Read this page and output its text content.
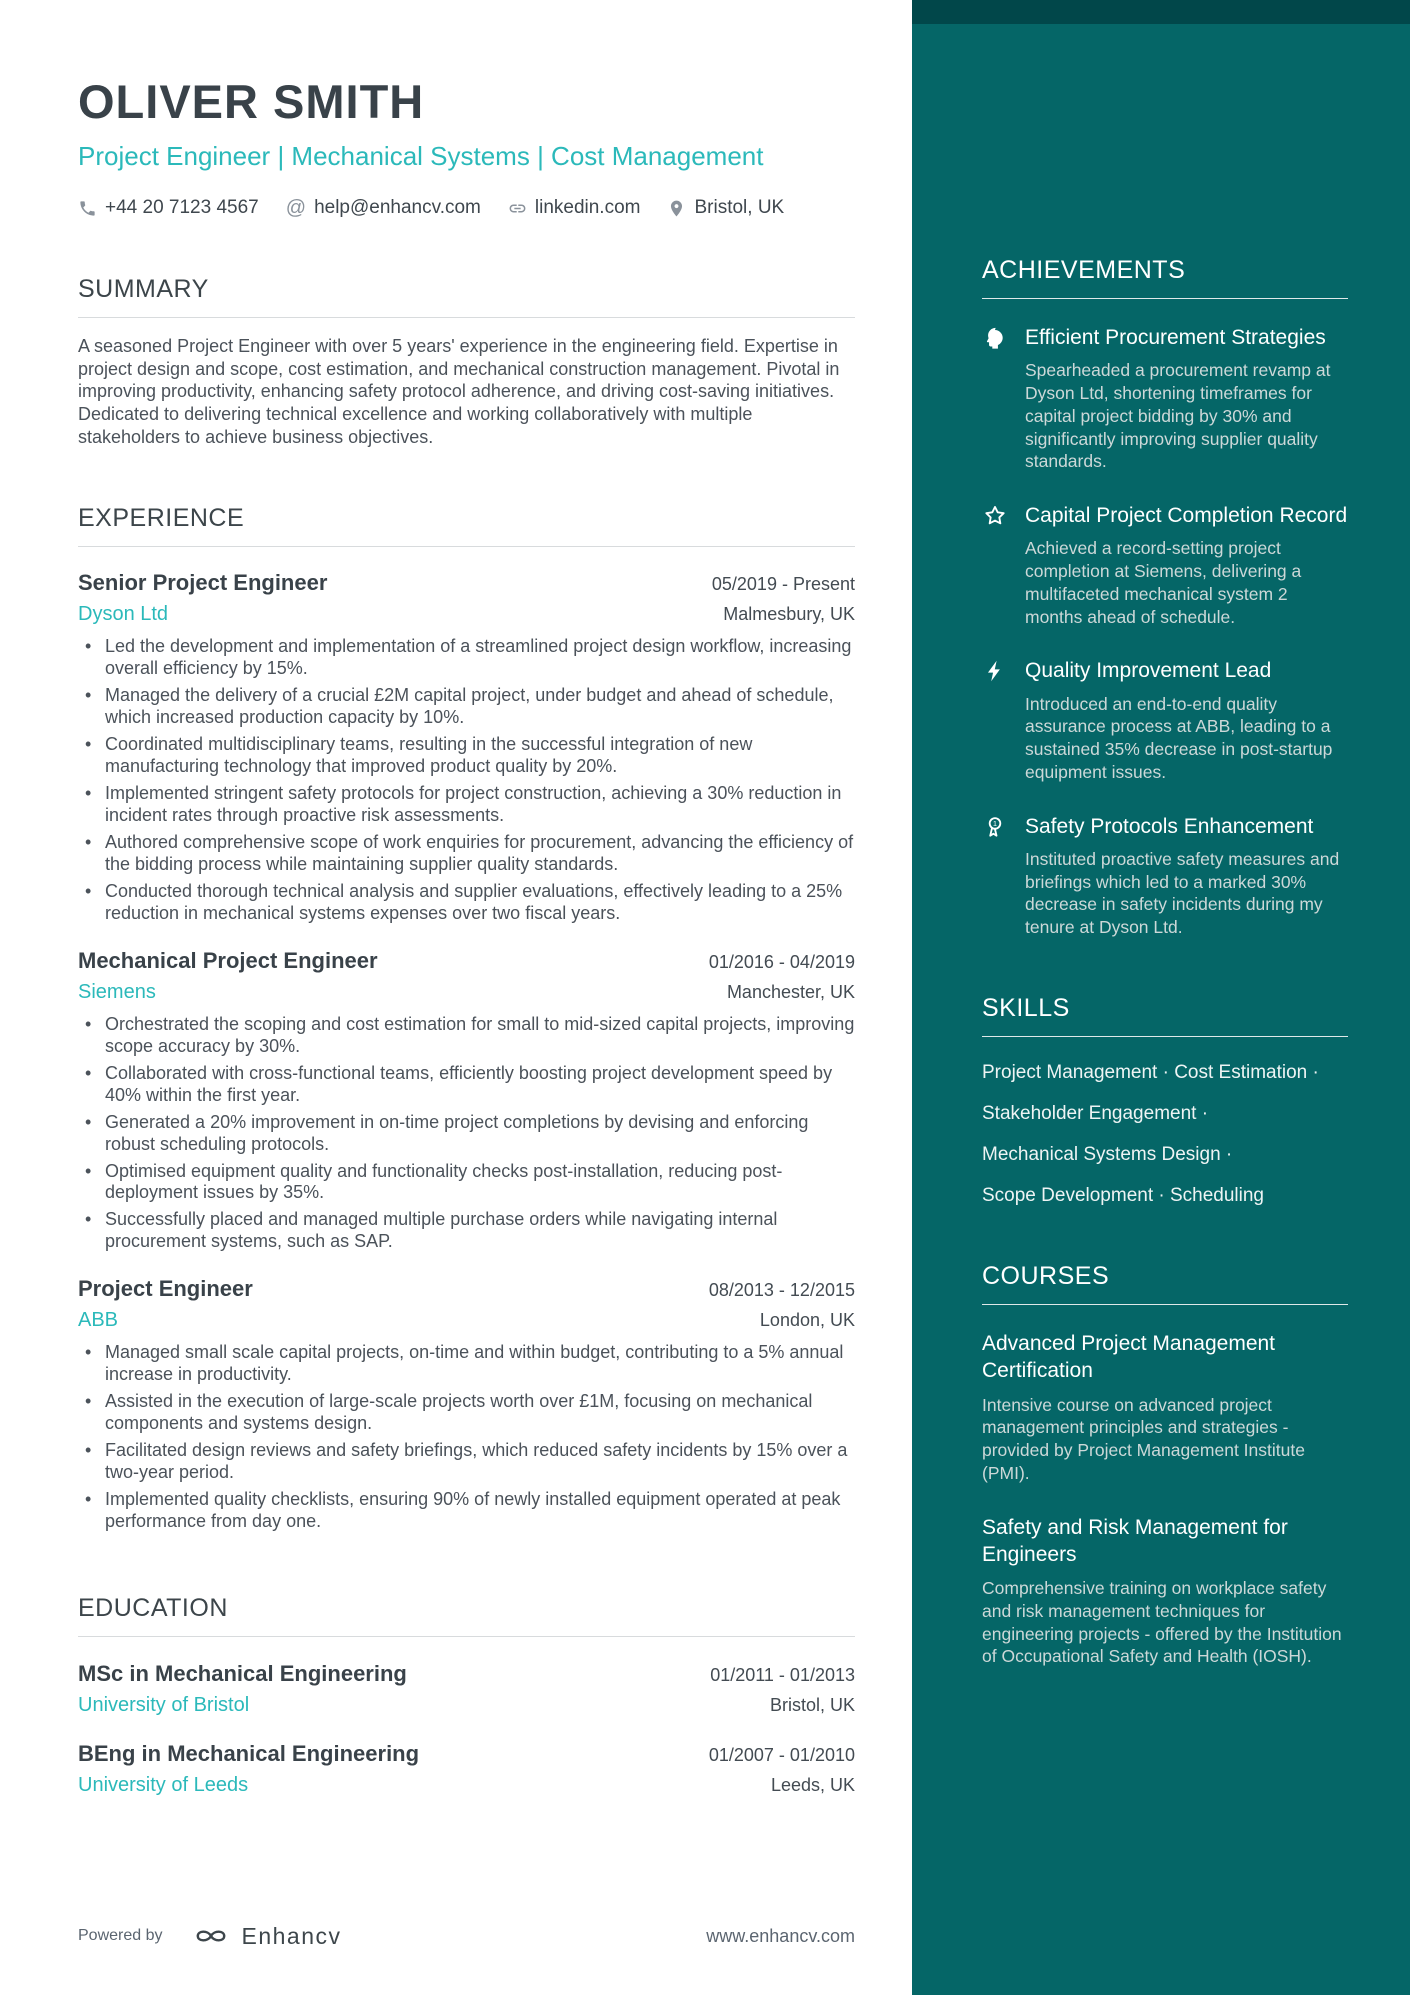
OLIVER SMITH
Project Engineer | Mechanical Systems | Cost Management
+44 20 7123 4567 @ help@enhancv.com	linkedin.com	Bristol, UK
SUMMARY

A seasoned Project Engineer with over 5 years' experience in the engineering field. Expertise in project design and scope, cost estimation, and mechanical construction management. Pivotal in improving productivity, enhancing safety protocol adherence, and driving cost-saving initiatives. Dedicated to delivering technical excellence and working collaboratively with multiple stakeholders to achieve business objectives.

EXPERIENCE
Senior Project Engineer	05/2019 - Present
Dyson Ltd	Malmesbury, UK
• Led the development and implementation of a streamlined project design workflow, increasing overall efficiency by 15%.
• Managed the delivery of a crucial £2M capital project, under budget and ahead of schedule, which increased production capacity by 10%.
• Coordinated multidisciplinary teams, resulting in the successful integration of new manufacturing technology that improved product quality by 20%.
• Implemented stringent safety protocols for project construction, achieving a 30% reduction in incident rates through proactive risk assessments.
• Authored comprehensive scope of work enquiries for procurement, advancing the efficiency of the bidding process while maintaining supplier quality standards.
• Conducted thorough technical analysis and supplier evaluations, effectively leading to a 25% reduction in mechanical systems expenses over two fiscal years.
Mechanical Project Engineer	01/2016 - 04/2019
Siemens	Manchester, UK
• Orchestrated the scoping and cost estimation for small to mid-sized capital projects, improving scope accuracy by 30%.
• Collaborated with cross-functional teams, efficiently boosting project development speed by 40% within the first year.
• Generated a 20% improvement in on-time project completions by devising and enforcing robust scheduling protocols.
• Optimised equipment quality and functionality checks post-installation, reducing post-deployment issues by 35%.
• Successfully placed and managed multiple purchase orders while navigating internal procurement systems, such as SAP.
Project Engineer	08/2013 - 12/2015
ABB	London, UK
• Managed small scale capital projects, on-time and within budget, contributing to a 5% annual increase in productivity.
• Assisted in the execution of large-scale projects worth over £1M, focusing on mechanical components and systems design.
• Facilitated design reviews and safety briefings, which reduced safety incidents by 15% over a two-year period.
• Implemented quality checklists, ensuring 90% of newly installed equipment operated at peak performance from day one.
EDUCATION
MSc in Mechanical Engineering	01/2011 - 01/2013
University of Bristol	Bristol, UK
BEng in Mechanical Engineering	01/2007 - 01/2010
University of Leeds	Leeds, UK
Powered by	Enhancv	www.enhancv.com
ACHIEVEMENTS
Efficient Procurement Strategies
Spearheaded a procurement revamp at Dyson Ltd, shortening timeframes for capital project bidding by 30% and significantly improving supplier quality standards.
Capital Project Completion Record
Achieved a record-setting project completion at Siemens, delivering a multifaceted mechanical system 2 months ahead of schedule.
Quality Improvement Lead
Introduced an end-to-end quality assurance process at ABB, leading to a sustained 35% decrease in post-startup equipment issues.
1 Safety Protocols Enhancement
Instituted proactive safety measures and briefings which led to a marked 30% decrease in safety incidents during my tenure at Dyson Ltd.
SKILLS
Project Management · Cost Estimation ·
Stakeholder Engagement ·
Mechanical Systems Design ·
Scope Development · Scheduling
COURSES
Advanced Project Management Certification
Intensive course on advanced project management principles and strategies - provided by Project Management Institute (PMI).
Safety and Risk Management for Engineers
Comprehensive training on workplace safety and risk management techniques for engineering projects - offered by the Institution of Occupational Safety and Health (IOSH).
